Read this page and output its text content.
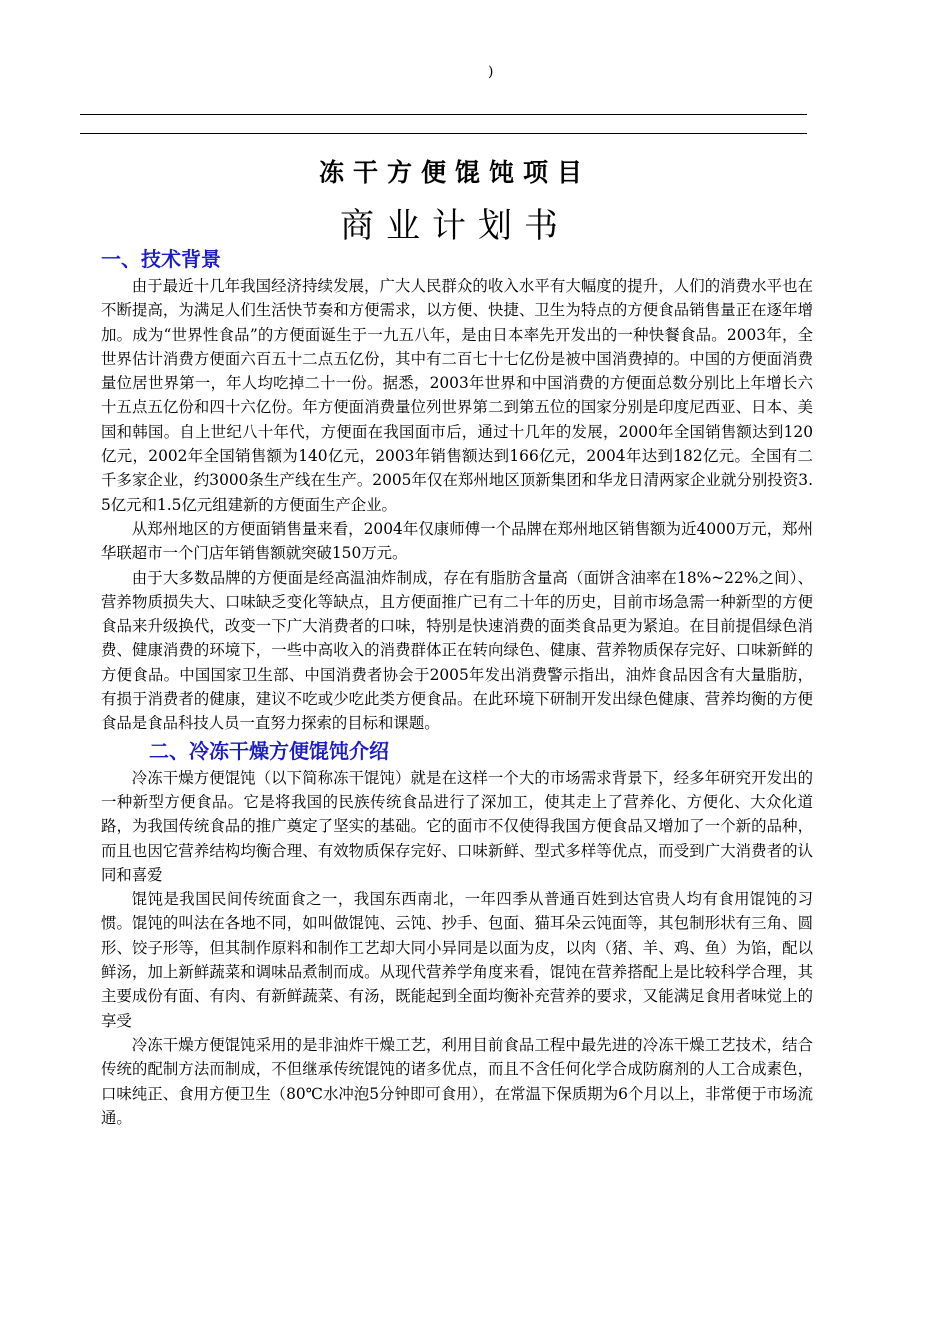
)
冻干方便馄饨项目
商业计划书
一、技术背景

由于最近十几年我国经济持续发展，广大人民群众的收入水平有大幅度的提升，人们的消费水平也在不断提高，为满足人们生活快节奏和方便需求，以方便、快捷、卫生为特点的方便食品销售量正在逐年增加。成为“世界性食品”的方便面诞生于一九五八年，是由日本率先开发出的一种快餐食品。2003年，全世界估计消费方便面六百五十二点五亿份，其中有二百七十七亿份是被中国消费掉的。中国的方便面消费量位居世界第一，年人均吃掉二十一份。据悉，2003年世界和中国消费的方便面总数分别比上年增长六十五点五亿份和四十六亿份。年方便面消费量位列世界第二到第五位的国家分别是印度尼西亚、日本、美国和韩国。自上世纪八十年代，方便面在我国面市后，通过十几年的发展，2000年全国销售额达到120亿元，2002年全国销售额为140亿元，2003年销售额达到166亿元，2004年达到182亿元。全国有二千多家企业，约3000条生产线在生产。2005年仅在郑州地区顶新集团和华龙日清两家企业就分别投资3.5亿元和1.5亿元组建新的方便面生产企业。

从郑州地区的方便面销售量来看，2004年仅康师傅一个品牌在郑州地区销售额为近4000万元，郑州华联超市一个门店年销售额就突破150万元。

由于大多数品牌的方便面是经高温油炸制成，存在有脂肪含量高（面饼含油率在18%~22%之间）、营养物质损失大、口味缺乏变化等缺点，且方便面推广已有二十年的历史，目前市场急需一种新型的方便食品来升级换代，改变一下广大消费者的口味，特别是快速消费的面类食品更为紧迫。在目前提倡绿色消费、健康消费的环境下，一些中高收入的消费群体正在转向绿色、健康、营养物质保存完好、口味新鲜的方便食品。中国国家卫生部、中国消费者协会于2005年发出消费警示指出，油炸食品因含有大量脂肪，有损于消费者的健康，建议不吃或少吃此类方便食品。在此环境下研制开发出绿色健康、营养均衡的方便食品是食品科技人员一直努力探索的目标和课题。

二、冷冻干燥方便馄饨介绍

冷冻干燥方便馄饨（以下简称冻干馄饨）就是在这样一个大的市场需求背景下，经多年研究开发出的一种新型方便食品。它是将我国的民族传统食品进行了深加工，使其走上了营养化、方便化、大众化道路，为我国传统食品的推广奠定了坚实的基础。它的面市不仅使得我国方便食品又增加了一个新的品种，而且也因它营养结构均衡合理、有效物质保存完好、口味新鲜、型式多样等优点，而受到广大消费者的认同和喜爱

馄饨是我国民间传统面食之一，我国东西南北，一年四季从普通百姓到达官贵人均有食用馄饨的习惯。馄饨的叫法在各地不同，如叫做馄饨、云饨、抄手、包面、猫耳朵云饨面等，其包制形状有三角、圆形、饺子形等，但其制作原料和制作工艺却大同小异同是以面为皮，以肉（猪、羊、鸡、鱼）为馅，配以鲜汤，加上新鲜蔬菜和调味品煮制而成。从现代营养学角度来看，馄饨在营养搭配上是比较科学合理，其主要成份有面、有肉、有新鲜蔬菜、有汤，既能起到全面均衡补充营养的要求，又能满足食用者味觉上的享受

冷冻干燥方便馄饨采用的是非油炸干燥工艺，利用目前食品工程中最先进的冷冻干燥工艺技术，结合传统的配制方法而制成，不但继承传统馄饨的诸多优点，而且不含任何化学合成防腐剂的人工合成素色，口味纯正、食用方便卫生（80℃水冲泡5分钟即可食用），在常温下保质期为6个月以上，非常便于市场流通。
